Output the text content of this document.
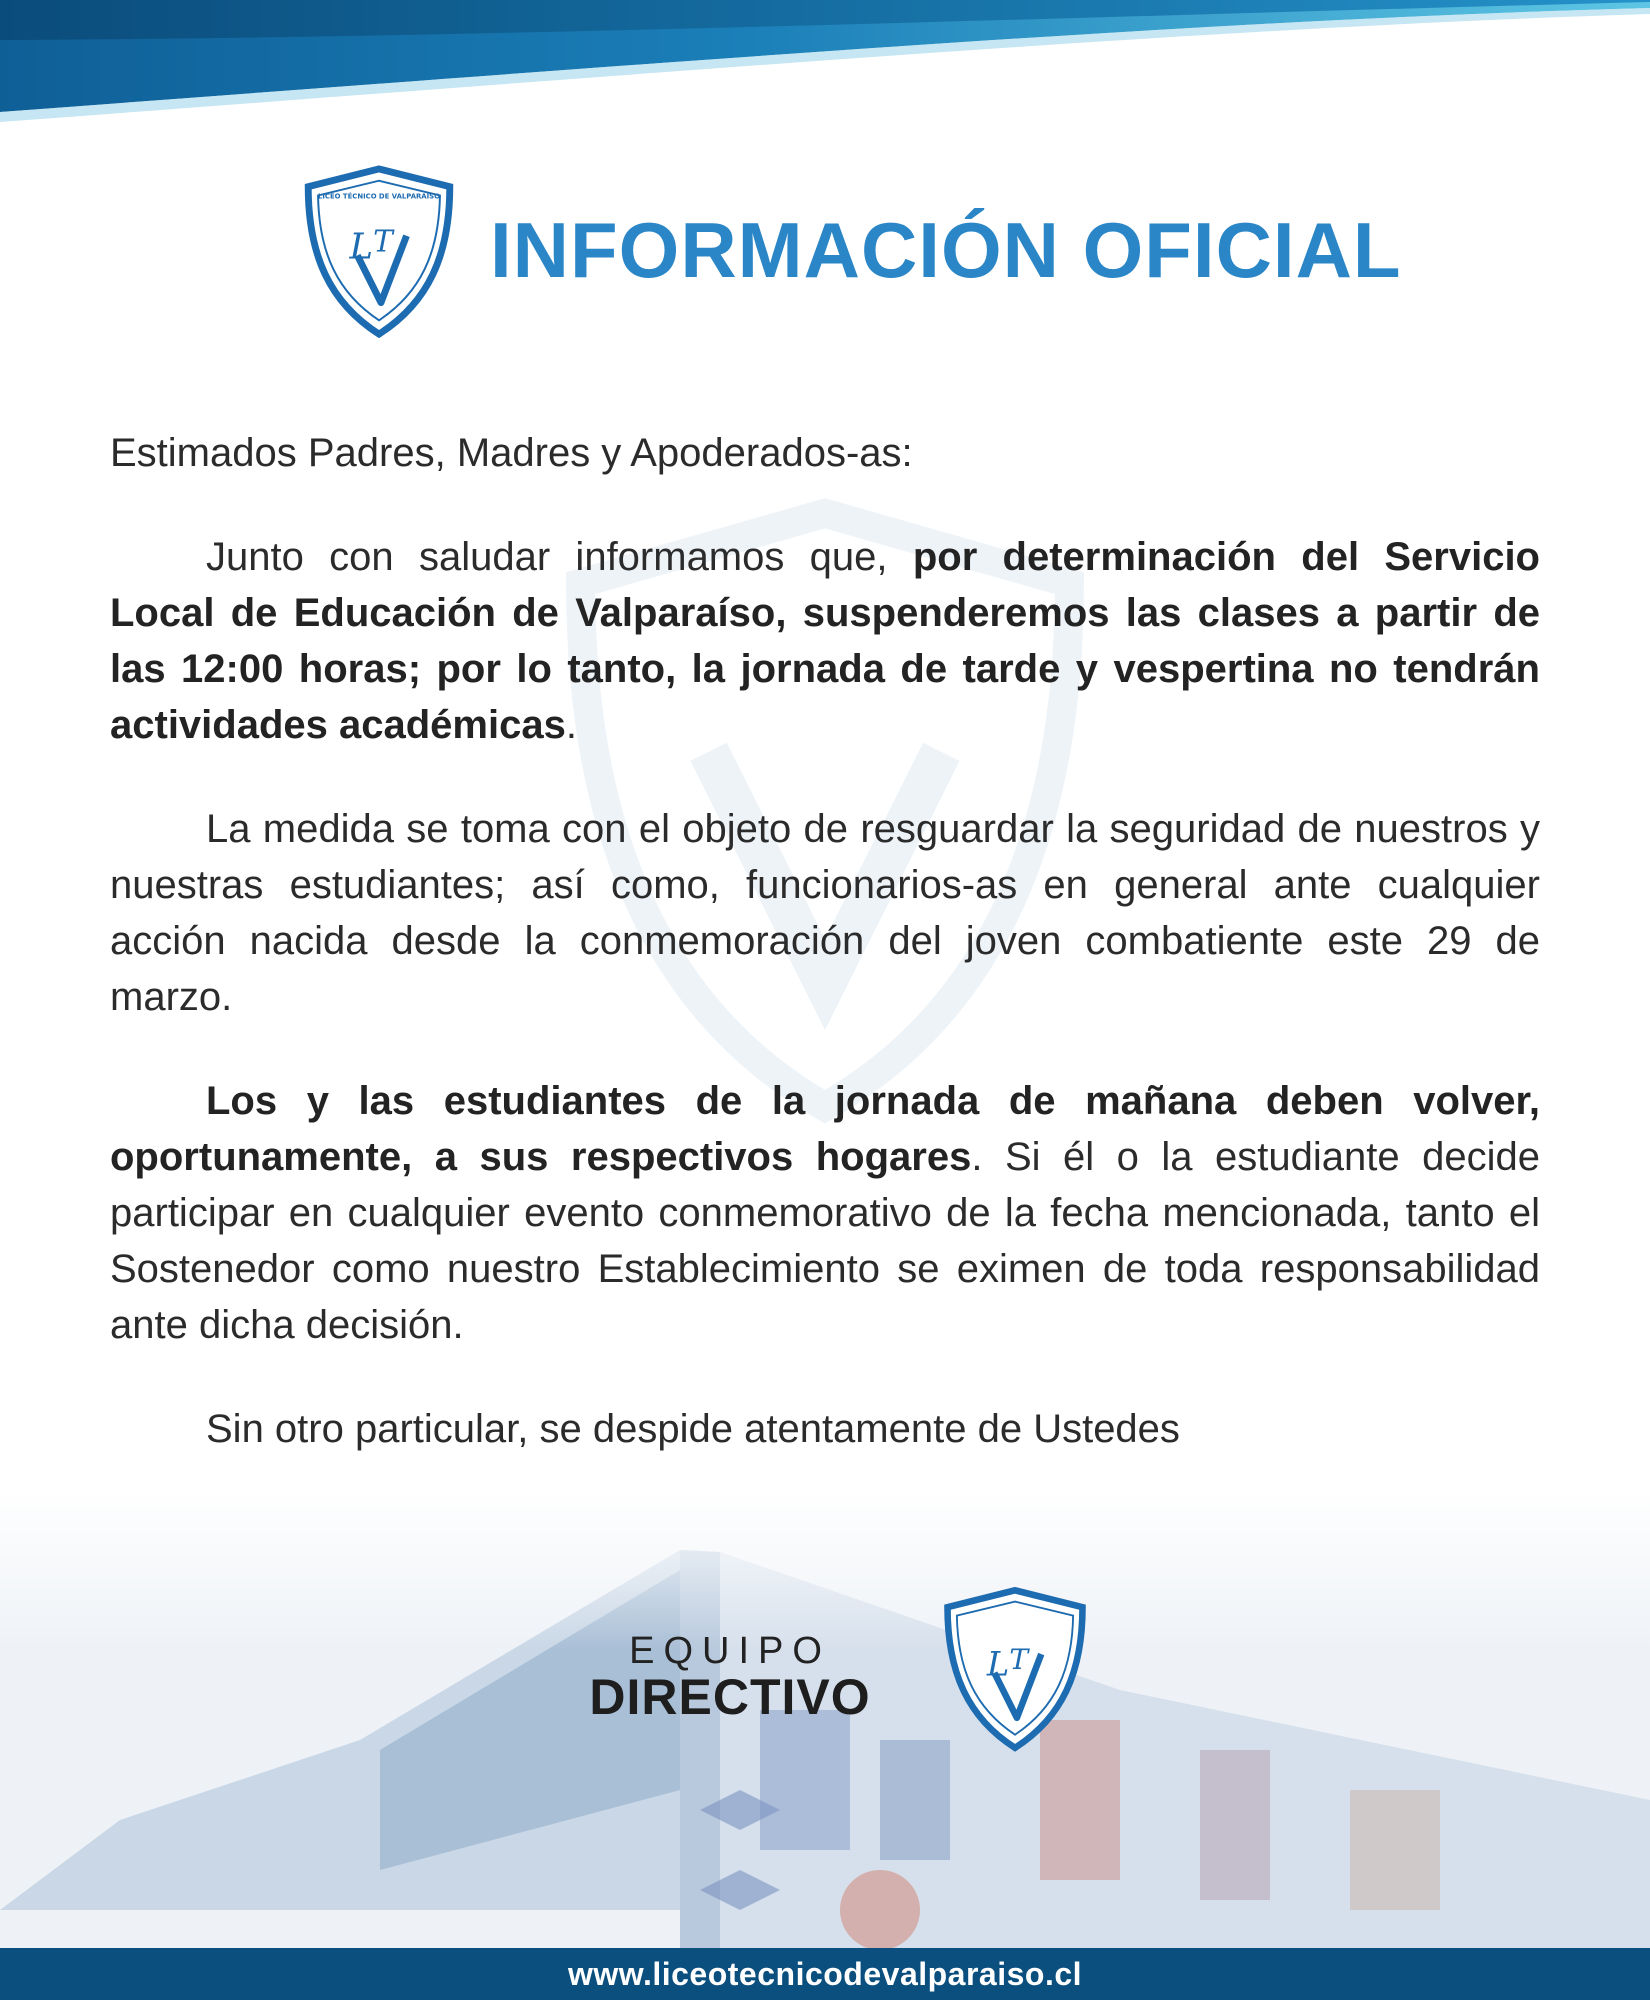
LICEO TÉCNICO DE VALPARAÍSO
L T INFORMACIÓN OFICIAL

Estimados Padres, Madres y Apoderados-as:

Junto con saludar informamos que, por determinación del Servicio Local de Educación de Valparaíso, suspenderemos las clases a partir de las 12:00 horas; por lo tanto, la jornada de tarde y vespertina no tendrán actividades académicas.

La medida se toma con el objeto de resguardar la seguridad de nuestros y nuestras estudiantes; así como, funcionarios-as en general ante cualquier acción nacida desde la conmemoración del joven combatiente este 29 de marzo.

Los y las estudiantes de la jornada de mañana deben volver, oportunamente, a sus respectivos hogares. Si él o la estudiante decide participar en cualquier evento conmemorativo de la fecha mencionada, tanto el Sostenedor como nuestro Establecimiento se eximen de toda responsabilidad ante dicha decisión.

Sin otro particular, se despide atentamente de Ustedes

EQUIPO
DIRECTIVO
L T
www.liceotecnicodevalparaiso.cl
